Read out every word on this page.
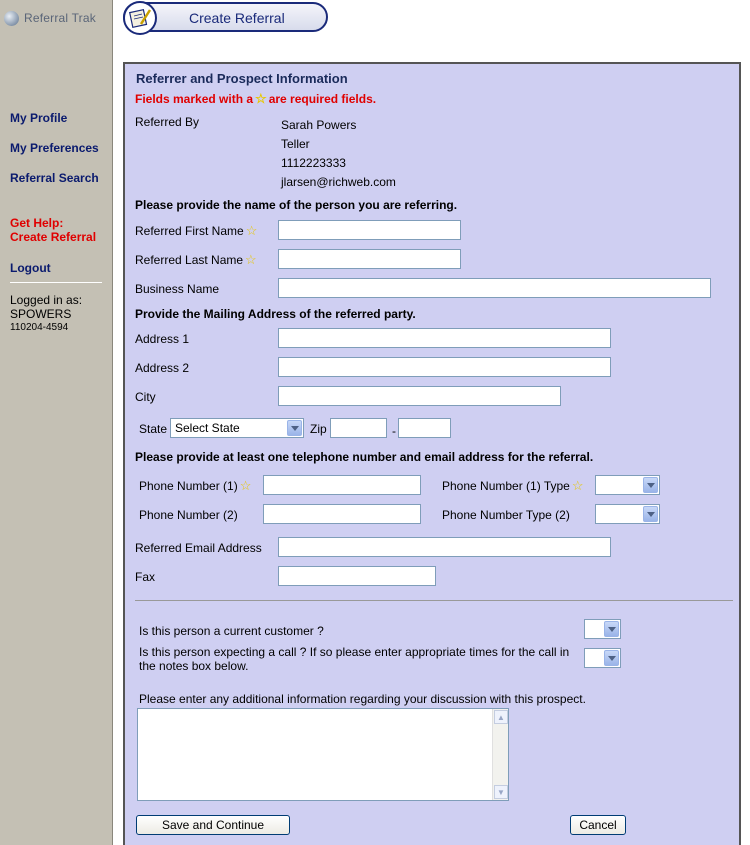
Referral Trak
My Profile
My Preferences
Referral Search
Get Help:
Create Referral
Logout
Logged in as:
SPOWERS
110204-4594
Create Referral
Referrer and Prospect Information
Fields marked with a ☆ are required fields.
Referred By	Sarah Powers
Teller
1112223333
jlarsen@richweb.com
Please provide the name of the person you are referring.
Referred First Name ☆
Referred Last Name ☆
Business Name
Provide the Mailing Address of the referred party.
Address 1
Address 2
City
State Select State	Zip	-
Please provide at least one telephone number and email address for the referral.
Phone Number (1) ☆	Phone Number (1) Type ☆
Phone Number (2)	Phone Number Type (2)
Referred Email Address
Fax
Is this person a current customer ?
Is this person expecting a call ? If so please enter appropriate times for the call in
the notes box below.
Please enter any additional information regarding your discussion with this prospect.
▲
▼
Save and Continue	Cancel
